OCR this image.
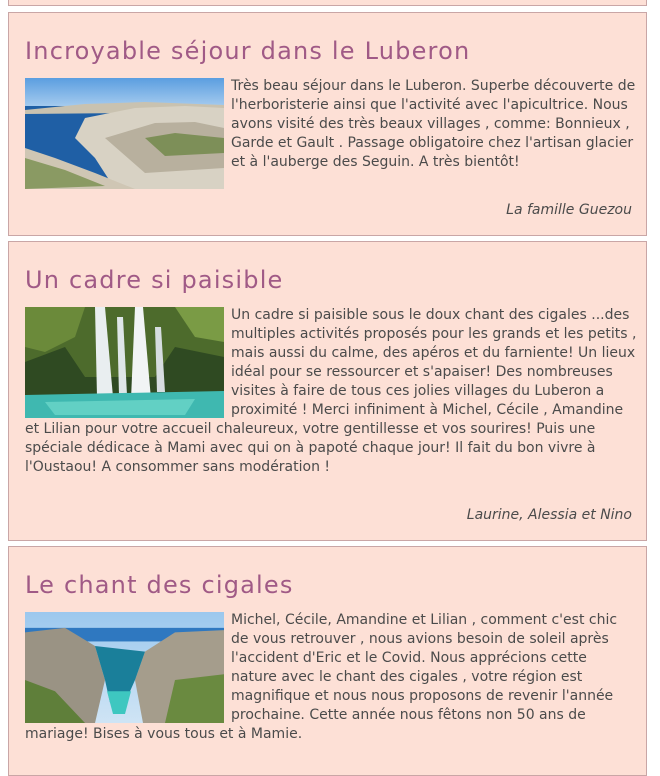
Incroyable séjour dans le Luberon
Très beau séjour dans le Luberon. Superbe découverte de l'herboristerie ainsi que l'activité avec l'apicultrice. Nous avons visité des très beaux villages , comme: Bonnieux , Garde et Gault . Passage obligatoire chez l'artisan glacier et à l'auberge des Seguin. A très bientôt!
La famille Guezou
Un cadre si paisible
Un cadre si paisible sous le doux chant des cigales ...des multiples activités proposés pour les grands et les petits , mais aussi du calme, des apéros et du farniente! Un lieux idéal pour se ressourcer et s'apaiser! Des nombreuses visites à faire de tous ces jolies villages du Luberon a proximité ! Merci infiniment à Michel, Cécile , Amandine et Lilian pour votre accueil chaleureux, votre gentillesse et vos sourires! Puis une spéciale dédicace à Mami avec qui on à papoté chaque jour! Il fait du bon vivre à l'Oustaou! A consommer sans modération !
Laurine, Alessia et Nino
Le chant des cigales
Michel, Cécile, Amandine et Lilian , comment c'est chic de vous retrouver , nous avions besoin de soleil après l'accident d'Eric et le Covid. Nous apprécions cette nature avec le chant des cigales , votre région est magnifique et nous nous proposons de revenir l'année prochaine. Cette année nous fêtons non 50 ans de mariage! Bises à vous tous et à Mamie.
